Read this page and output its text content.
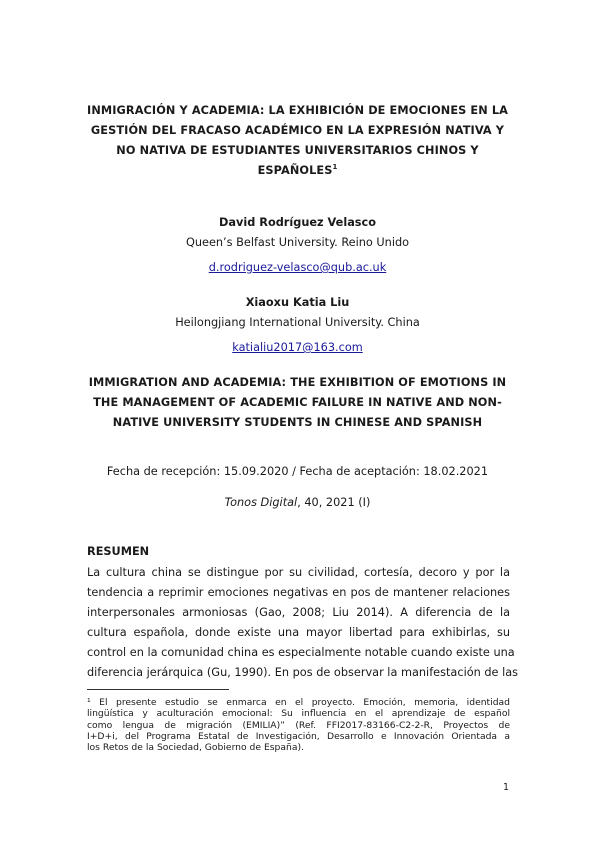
INMIGRACIÓN Y ACADEMIA: LA EXHIBICIÓN DE EMOCIONES EN LA
GESTIÓN DEL FRACASO ACADÉMICO EN LA EXPRESIÓN NATIVA Y
NO NATIVA DE ESTUDIANTES UNIVERSITARIOS CHINOS Y
ESPAÑOLES$^1$
David Rodríguez Velasco
Queen’s Belfast University. Reino Unido
d.rodriguez-velasco@qub.ac.uk
Xiaoxu Katia Liu
Heilongjiang International University. China
katialiu2017@163.com
IMMIGRATION AND ACADEMIA: THE EXHIBITION OF EMOTIONS IN
THE MANAGEMENT OF ACADEMIC FAILURE IN NATIVE AND NON-
NATIVE UNIVERSITY STUDENTS IN CHINESE AND SPANISH
Fecha de recepción: 15.09.2020 / Fecha de aceptación: 18.02.2021
Tonos Digital, 40, 2021 (I)
RESUMEN
La cultura china se distingue por su civilidad, cortesía, decoro y por la
tendencia a reprimir emociones negativas en pos de mantener relaciones
interpersonales armoniosas (Gao, 2008; Liu 2014). A diferencia de la
cultura española, donde existe una mayor libertad para exhibirlas, su
control en la comunidad china es especialmente notable cuando existe una
diferencia jerárquica (Gu, 1990). En pos de observar la manifestación de las
¹ El presente estudio se enmarca en el proyecto. Emoción, memoria, identidad
lingüística y aculturación emocional: Su influencia en el aprendizaje de español
como lengua de migración (EMILIA)” (Ref. FFI2017-83166-C2-2-R, Proyectos de
I+D+i, del Programa Estatal de Investigación, Desarrollo e Innovación Orientada a
los Retos de la Sociedad, Gobierno de España).
1
